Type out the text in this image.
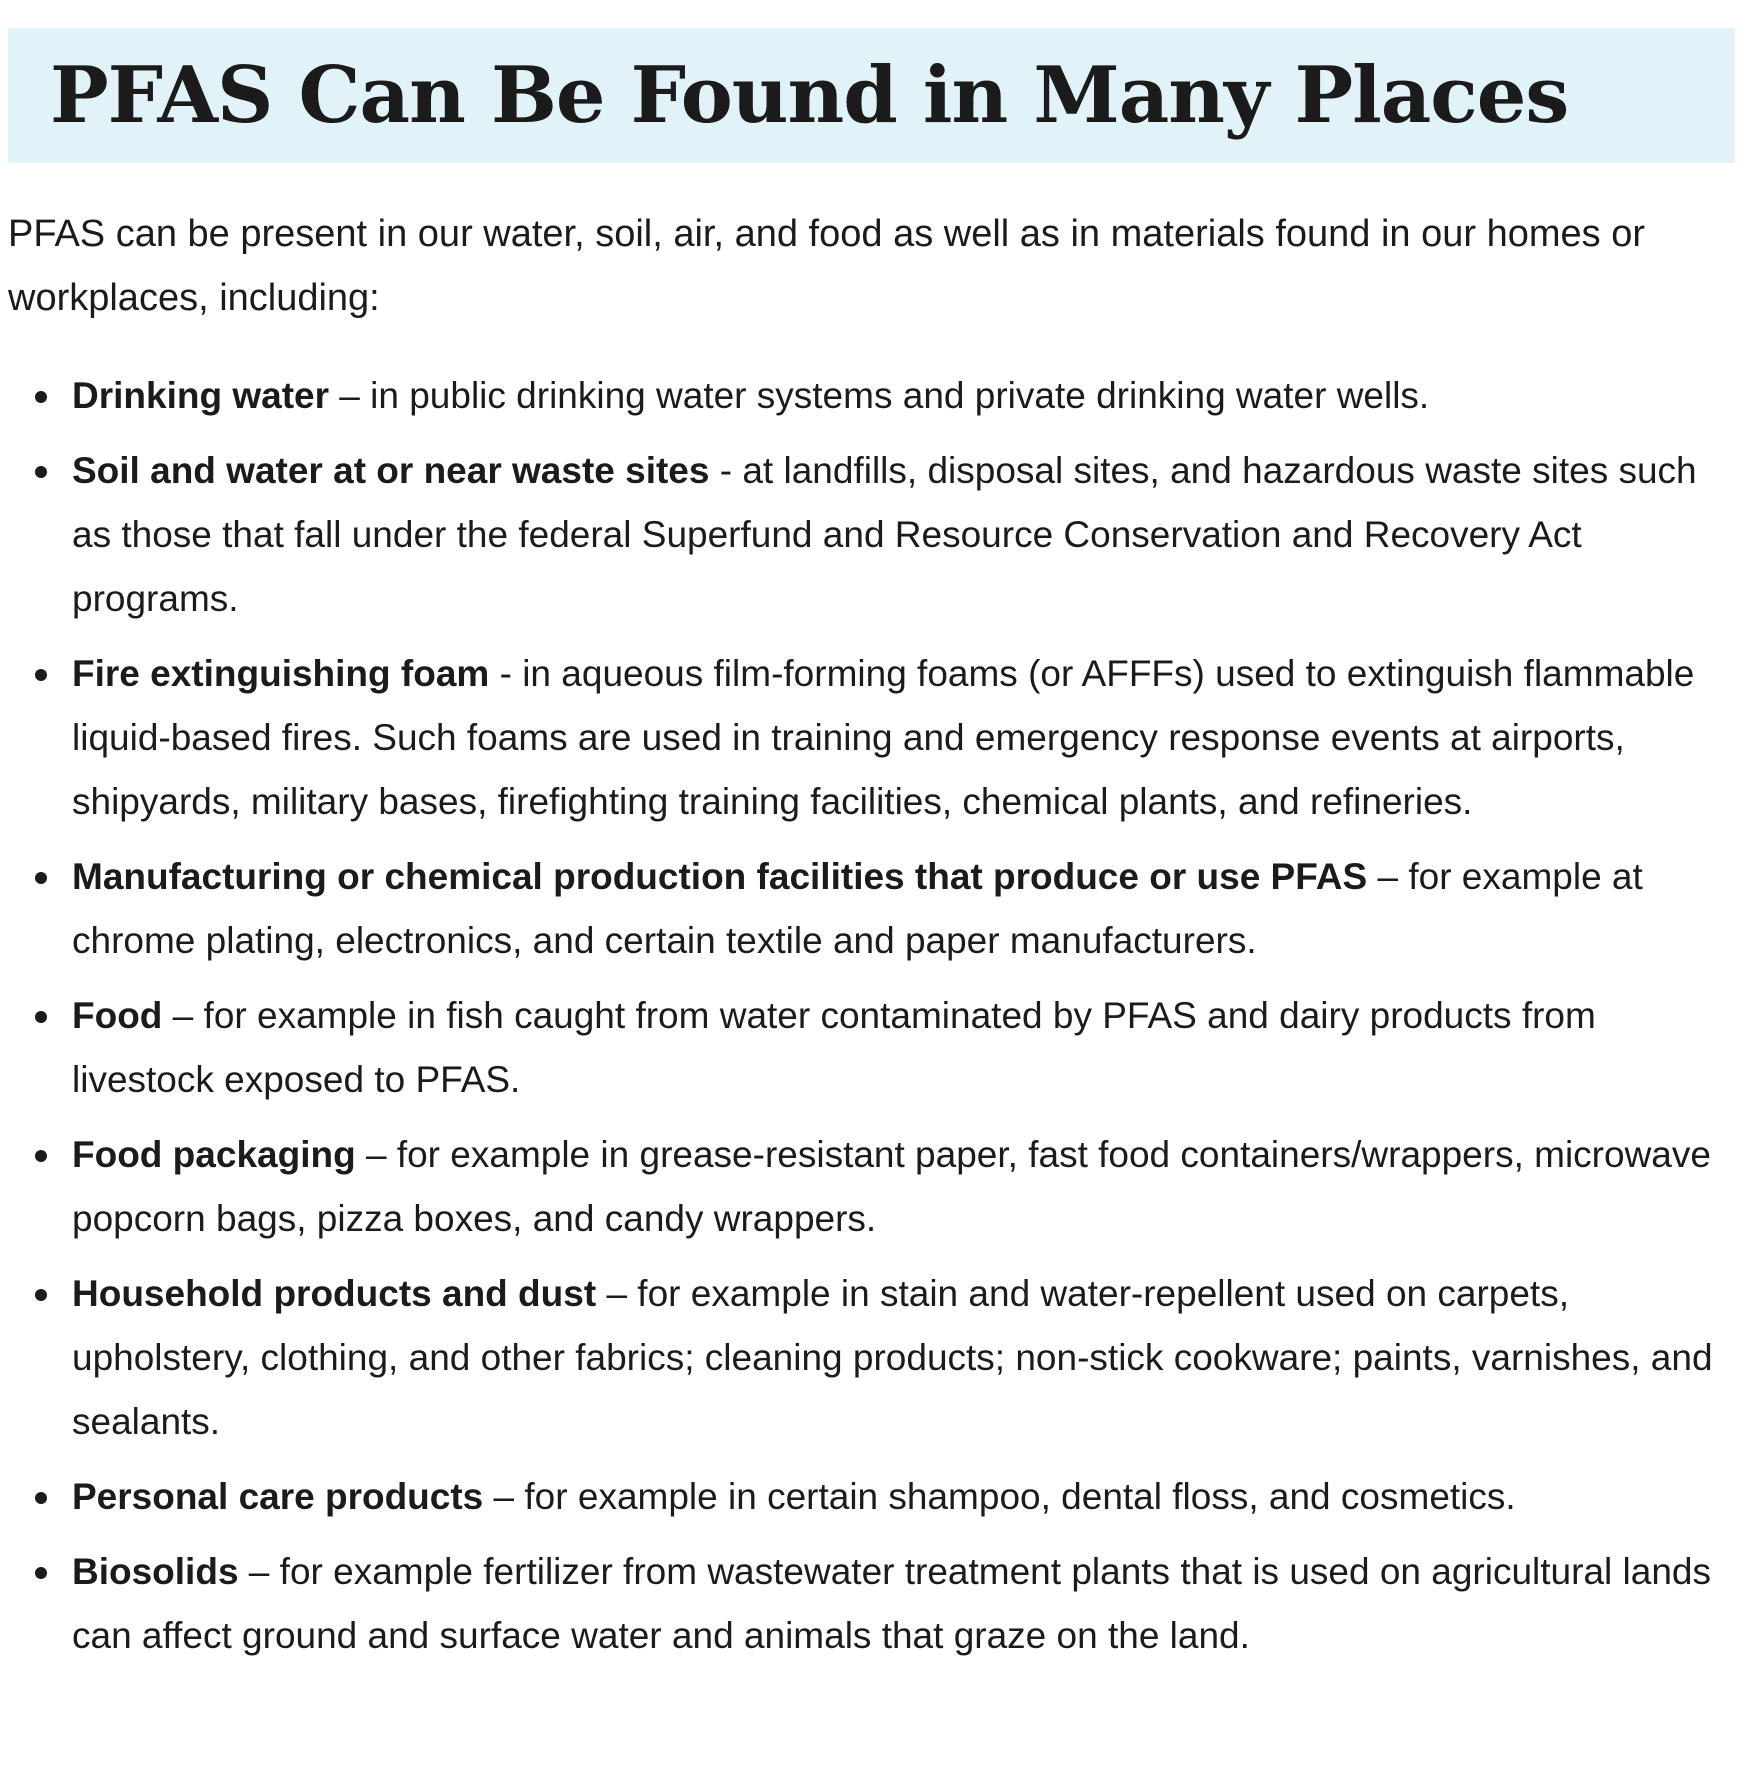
PFAS Can Be Found in Many Places

PFAS can be present in our water, soil, air, and food as well as in materials found in our homes or workplaces, including:

Drinking water – in public drinking water systems and private drinking water wells.
Soil and water at or near waste sites - at landfills, disposal sites, and hazardous waste sites such as those that fall under the federal Superfund and Resource Conservation and Recovery Act programs.
Fire extinguishing foam - in aqueous film-forming foams (or AFFFs) used to extinguish flammable liquid-based fires. Such foams are used in training and emergency response events at airports, shipyards, military bases, firefighting training facilities, chemical plants, and refineries.
Manufacturing or chemical production facilities that produce or use PFAS – for example at chrome plating, electronics, and certain textile and paper manufacturers.
Food – for example in fish caught from water contaminated by PFAS and dairy products from livestock exposed to PFAS.
Food packaging – for example in grease-resistant paper, fast food containers/wrappers, microwave popcorn bags, pizza boxes, and candy wrappers.
Household products and dust – for example in stain and water-repellent used on carpets, upholstery, clothing, and other fabrics; cleaning products; non-stick cookware; paints, varnishes, and sealants.
Personal care products – for example in certain shampoo, dental floss, and cosmetics.
Biosolids – for example fertilizer from wastewater treatment plants that is used on agricultural lands can affect ground and surface water and animals that graze on the land.
